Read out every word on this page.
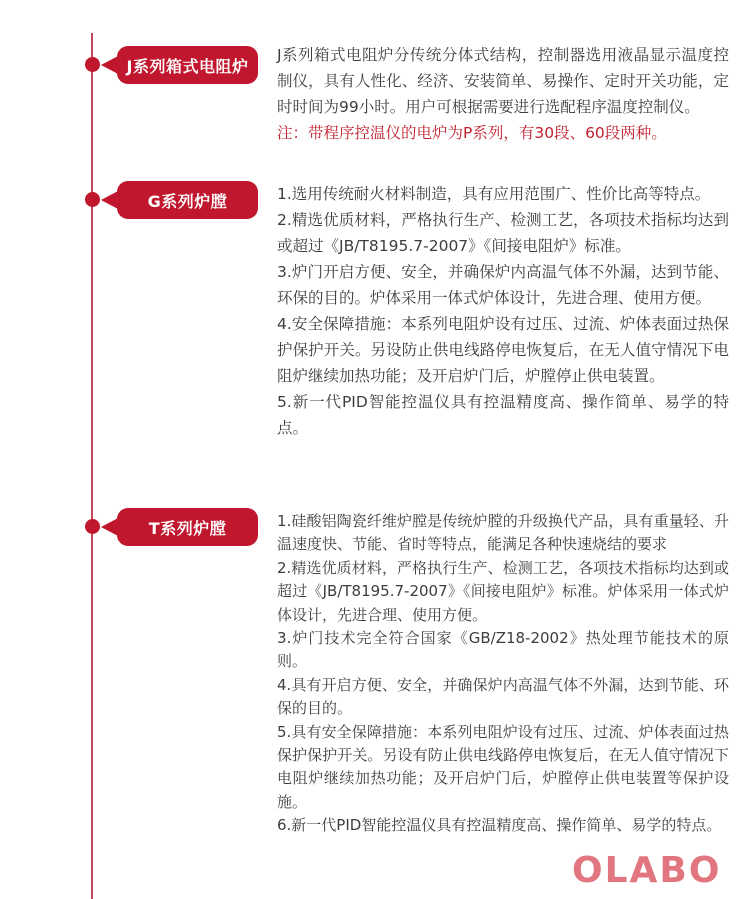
J系列箱式电阻炉

J系列箱式电阻炉分传统分体式结构，控制器选用液晶显示温度控制仪，具有人性化、经济、安装简单、易操作、定时开关功能，定时时间为99小时。用户可根据需要进行选配程序温度控制仪。

注：带程序控温仪的电炉为P系列，有30段、60段两种。

G系列炉膛	1.选用传统耐火材料制造，具有应用范围广、性价比高等特点。

2.精选优质材料，严格执行生产、检测工艺，各项技术指标均达到或超过《JB/T8195.7-2007》《间接电阻炉》标准。

3.炉门开启方便、安全，并确保炉内高温气体不外漏，达到节能、环保的目的。炉体采用一体式炉体设计，先进合理、使用方便。

4.安全保障措施：本系列电阻炉设有过压、过流、炉体表面过热保护保护开关。另设防止供电线路停电恢复后，在无人值守情况下电阻炉继续加热功能；及开启炉门后，炉膛停止供电装置。

5.新一代PID智能控温仪具有控温精度高、操作简单、易学的特点。

T系列炉膛	1.硅酸铝陶瓷纤维炉膛是传统炉膛的升级换代产品，具有重量轻、升温速度快、节能、省时等特点，能满足各种快速烧结的要求

2.精选优质材料，严格执行生产、检测工艺，各项技术指标均达到或超过《JB/T8195.7-2007》《间接电阻炉》标准。炉体采用一体式炉体设计，先进合理、使用方便。

3.炉门技术完全符合国家《GB/Z18-2002》热处理节能技术的原则。

4.具有开启方便、安全，并确保炉内高温气体不外漏，达到节能、环保的目的。

5.具有安全保障措施：本系列电阻炉设有过压、过流、炉体表面过热保护保护开关。另设有防止供电线路停电恢复后，在无人值守情况下电阻炉继续加热功能；及开启炉门后，炉膛停止供电装置等保护设施。

6.新一代PID智能控温仪具有控温精度高、操作简单、易学的特点。

OLABO
